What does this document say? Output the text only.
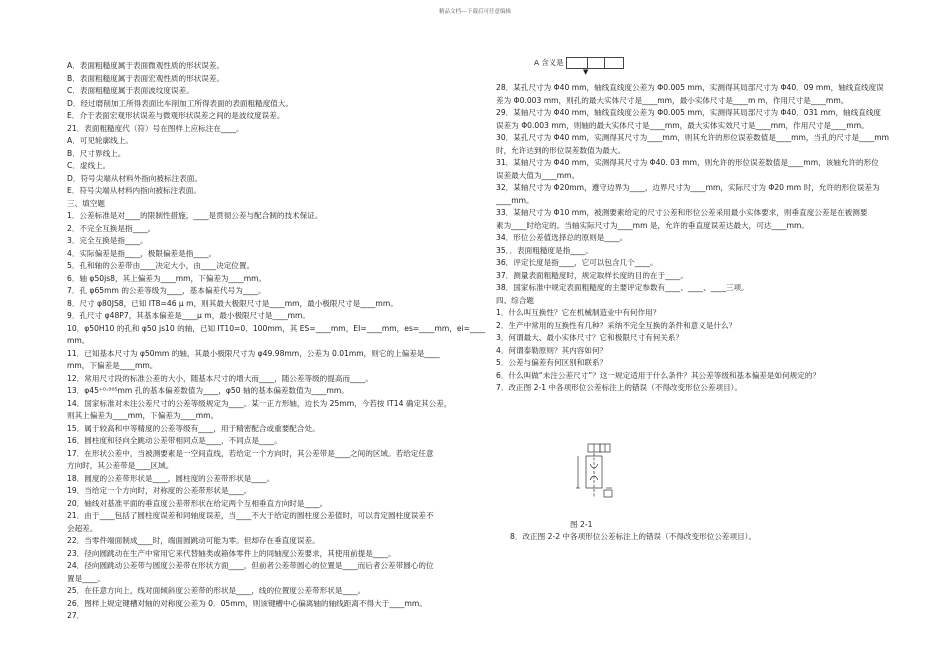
精品文档---下载后可任意编辑
A．表面粗糙度属于表面微观性质的形状误差。
B．表面粗糙度属于表面宏观性质的形状误差。
C．表面粗糙度属于表面波纹度误差。
D．经过磨削加工所得表面比车削加工所得表面的表面粗糙度值大。
E．介于表面宏观形状误差与微观形状误差之间的是波纹度误差。
21．表面粗糙度代（符）号在图样上应标注在____。
A．可见轮廓线上。
B．尺寸界线上。
C．虚线上。
D．符号尖端从材料外指向被标注表面。
E．符号尖端从材料内指向被标注表面。
三、填空题
1．公差标准是对____的限制性措施，____是贯彻公差与配合制的技术保证。
2．不完全互换是指____。
3．完全互换是指____。
4．实际偏差是指____，极限偏差是指____。
5．孔和轴的公差带由____决定大小，由____决定位置。
6．轴 φ50js8，其上偏差为____mm，下偏差为____mm。
7．孔 φ65mm 的公差等级为____，基本偏差代号为____。
8．尺寸 φ80JS8，已知 IT8=46 μ m，则其最大极限尺寸是____mm，最小极限尺寸是____mm。
9．孔尺寸 φ48P7，其基本偏差是____μ m，最小极限尺寸是____mm。
10．φ50H10 的孔和 φ50 js10 的轴，已知 IT10=0．100mm，其 ES=____mm，EI=____mm，es=____mm，ei=____
mm。
11．已知基本尺寸为 φ50mm 的轴，其最小极限尺寸为 φ49.98mm，公差为 0.01mm，则它的上偏差是____
mm，下偏差是____mm。
12．常用尺寸段的标准公差的大小，随基本尺寸的增大而____，随公差等级的提高而____。
13．φ45⁺⁰·⁰⁰⁵mm 孔的基本偏差数值为____，φ50 轴的基本偏差数值为____mm。
14．国家标准对未注公差尺寸的公差等级规定为____。某一正方形轴，边长为 25mm，今若按 IT14 确定其公差，
则其上偏差为____mm，下偏差为____mm。
15．属于较高和中等精度的公差等级有____，用于精密配合或重要配合处。
16．圆柱度和径向全跳动公差带相同点是____，不同点是____。
17．在形状公差中，当被测要素是一空间直线，若给定一个方向时，其公差带是____之间的区域。若给定任意
方向时，其公差带是____区域。
18．圆度的公差带形状是____，圆柱度的公差带形状是____。
19．当给定一个方向时，对称度的公差带形状是____。
20．轴线对基准平面的垂直度公差带形状在给定两个互相垂直方向时是____。
21．由于____包括了圆柱度误差和同轴度误差，当____不大于给定的圆柱度公差值时，可以肯定圆柱度误差不
会超差。
22．当零件端面制成____时，端面圆跳动可能为零。但却存在垂直度误差。
23．径向圆跳动在生产中常用它来代替轴类或箱体零件上的同轴度公差要求，其使用前提是____。
24．径向圆跳动公差带与圆度公差带在形状方面____，但前者公差带圆心的位置是____而后者公差带圆心的位
置是____。
25．在任意方向上，线对面倾斜度公差带的形状是____，线的位置度公差带形状是____。
26．图样上规定键槽对轴的对称度公差为 0．05mm，则该键槽中心偏离轴的轴线距离不得大于____mm。
27．
A 含义是
▼
28．某孔尺寸为 Φ40 mm，轴线直线度公差为 Φ0.005 mm，实测得其局部尺寸为 Φ40．09 mm，轴线直线度误
差为 Φ0.003 mm，则孔的最大实体尺寸是____mm，最小实体尺寸是____m m，作用尺寸是____mm。
29．某轴尺寸为 Φ40 mm，轴线直线度公差为 Φ0.005 mm，实测得其局部尺寸为 Φ40．031 mm，轴线直线度
误差为 Φ0.003 mm，则轴的最大实体尺寸是____mm，最大实体实效尺寸是____mm，作用尺寸是____mm。
30．某孔尺寸为 Φ40 mm，实测得其尺寸为____mm，则其允许的形位误差数值是____mm，当孔的尺寸是____mm
时，允许达到的形位误差数值为最大。
31．某轴尺寸为 Φ40 mm，实测得其尺寸为 Φ40. 03 mm，则允许的形位误差数值是____mm，该轴允许的形位
误差最大值为____mm。
32．某轴尺寸为 Φ20mm，遵守边界为____，边界尺寸为____mm，实际尺寸为 Φ20 mm 时，允许的形位误差为
____mm。
33．某轴尺寸为 Φ10 mm，被测要素给定的尺寸公差和形位公差采用最小实体要求，则垂直度公差是在被测要
素为____时给定的。当轴实际尺寸为____mm 是，允许的垂直度误差达最大，可达____mm。
34．形位公差值选择总的原则是____。
35．．表面粗糙度是指____。
36．评定长度是指____，它可以包含几个____。
37．测量表面粗糙度时，规定取样长度的目的在于____。
38．国家标准中规定表面粗糙度的主要评定参数有____、____、____三项。
四、综合题
1．什么叫互换性？它在机械制造业中有何作用？
2．生产中常用的互换性有几种？采纳不完全互换的条件和意义是什么？
3．何谓最大、最小实体尺寸？它和极限尺寸有何关系？
4．何谓泰勒原则？其内容如何？
5．公差与偏差有何区别和联系？
6．什么叫做“未注公差尺寸”？这一规定适用于什么条件？其公差等级和基本偏差是如何规定的？
7．改正图 2-1 中各项形位公差标注上的错误（不得改变形位公差项目）。
图 2-1
8．改正图 2-2 中各项形位公差标注上的错误（不得改变形位公差项目）。
